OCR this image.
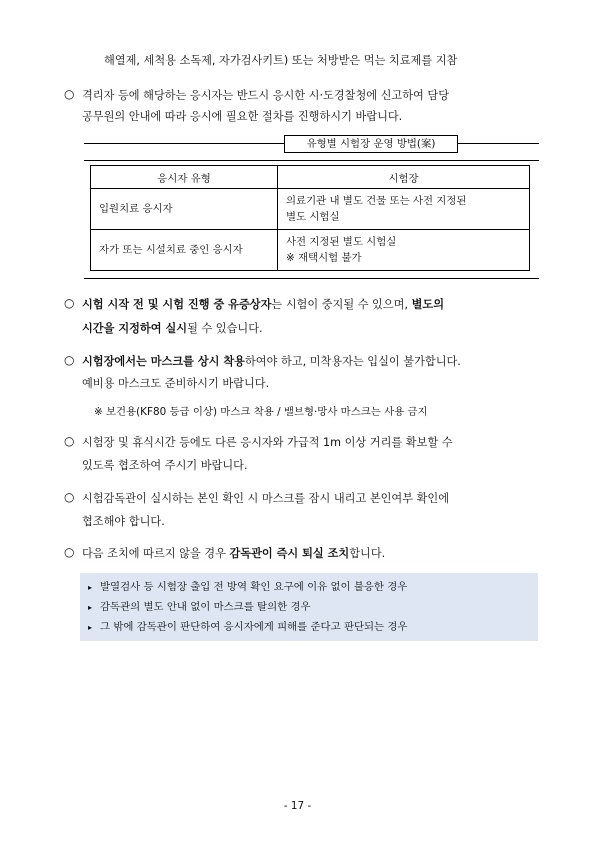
해열제, 세척용 소독제, 자가검사키트) 또는 처방받은 먹는 치료제를 지참
○ 격리자 등에 해당하는 응시자는 반드시 응시한 시·도경찰청에 신고하여 담당
공무원의 안내에 따라 응시에 필요한 절차를 진행하시기 바랍니다.
유형별 시험장 운영 방법(案)
응시자 유형	시험장
입원치료 응시자	의료기관 내 별도 건물 또는 사전 지정된
별도 시험실
자가 또는 시설치료 중인 응시자	사전 지정된 별도 시험실
※ 재택시험 불가
○ 시험 시작 전 및 시험 진행 중 유증상자는 시험이 중지될 수 있으며, 별도의
시간을 지정하여 실시될 수 있습니다.
○ 시험장에서는 마스크를 상시 착용하여야 하고, 미착용자는 입실이 불가합니다.
예비용 마스크도 준비하시기 바랍니다.
※ 보건용(KF80 등급 이상) 마스크 착용 / 밸브형·망사 마스크는 사용 금지
○ 시험장 및 휴식시간 등에도 다른 응시자와 가급적 1m 이상 거리를 확보할 수
있도록 협조하여 주시기 바랍니다.
○ 시험감독관이 실시하는 본인 확인 시 마스크를 잠시 내리고 본인여부 확인에
협조해야 합니다.
○ 다음 조치에 따르지 않을 경우 감독관이 즉시 퇴실 조치합니다.
▸ 발열검사 등 시험장 출입 전 방역 확인 요구에 이유 없이 불응한 경우
▸ 감독관의 별도 안내 없이 마스크를 탈의한 경우
▸ 그 밖에 감독관이 판단하여 응시자에게 피해를 준다고 판단되는 경우
- 17 -
